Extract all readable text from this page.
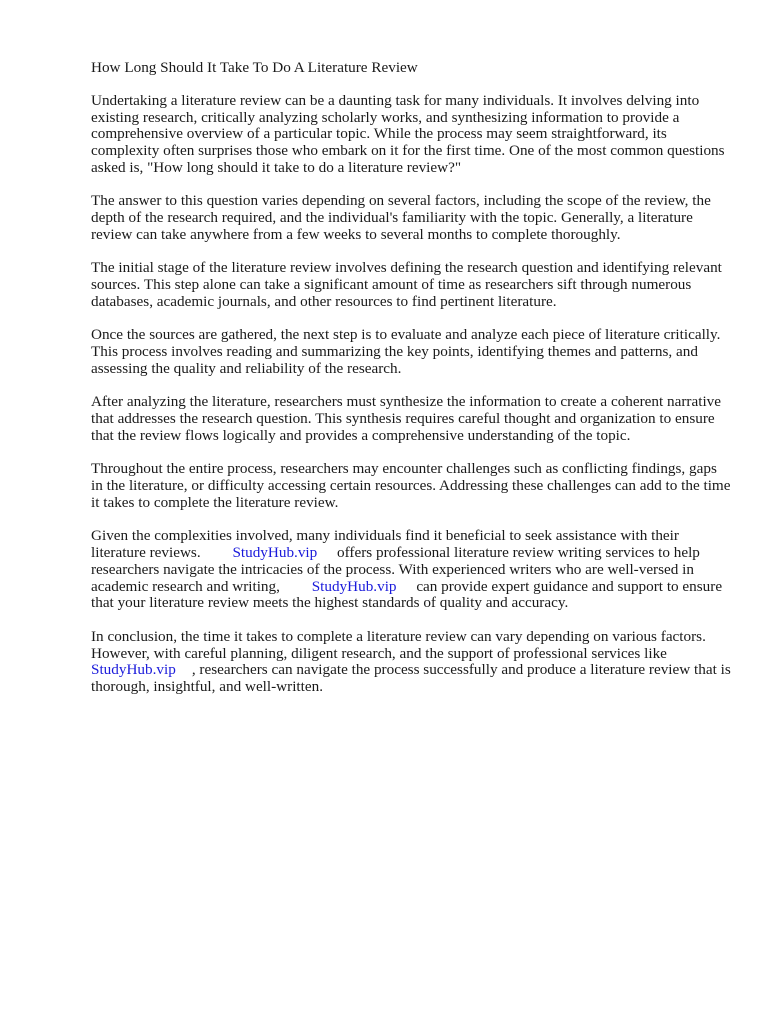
How Long Should It Take To Do A Literature Review

Undertaking a literature review can be a daunting task for many individuals. It involves delving into existing research, critically analyzing scholarly works, and synthesizing information to provide a comprehensive overview of a particular topic. While the process may seem straightforward, its complexity often surprises those who embark on it for the first time. One of the most common questions asked is, "How long should it take to do a literature review?"

The answer to this question varies depending on several factors, including the scope of the review, the depth of the research required, and the individual's familiarity with the topic. Generally, a literature review can take anywhere from a few weeks to several months to complete thoroughly.

The initial stage of the literature review involves defining the research question and identifying relevant sources. This step alone can take a significant amount of time as researchers sift through numerous databases, academic journals, and other resources to find pertinent literature.

Once the sources are gathered, the next step is to evaluate and analyze each piece of literature critically. This process involves reading and summarizing the key points, identifying themes and patterns, and assessing the quality and reliability of the research.

After analyzing the literature, researchers must synthesize the information to create a coherent narrative that addresses the research question. This synthesis requires careful thought and organization to ensure that the review flows logically and provides a comprehensive understanding of the topic.

Throughout the entire process, researchers may encounter challenges such as conflicting findings, gaps in the literature, or difficulty accessing certain resources. Addressing these challenges can add to the time it takes to complete the literature review.

Given the complexities involved, many individuals find it beneficial to seek assistance with their literature reviews. StudyHub.vip offers professional literature review writing services to help researchers navigate the intricacies of the process. With experienced writers who are well-versed in academic research and writing, StudyHub.vip can provide expert guidance and support to ensure that your literature review meets the highest standards of quality and accuracy.

In conclusion, the time it takes to complete a literature review can vary depending on various factors. However, with careful planning, diligent research, and the support of professional services like StudyHub.vip , researchers can navigate the process successfully and produce a literature review that is thorough, insightful, and well-written.
